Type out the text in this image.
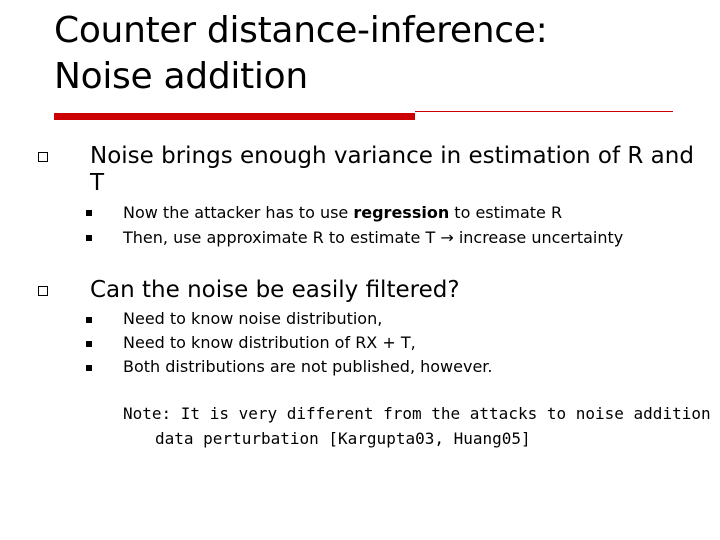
Counter distance-inference:
Noise addition
Noise brings enough variance in estimation of R and T
Now the attacker has to use regression to estimate R
Then, use approximate R to estimate T → increase uncertainty
Can the noise be easily filtered?
Need to know noise distribution,
Need to know distribution of RX + T,
Both distributions are not published, however.
Note: It is very different from the attacks to noise addition
data perturbation [Kargupta03, Huang05]
